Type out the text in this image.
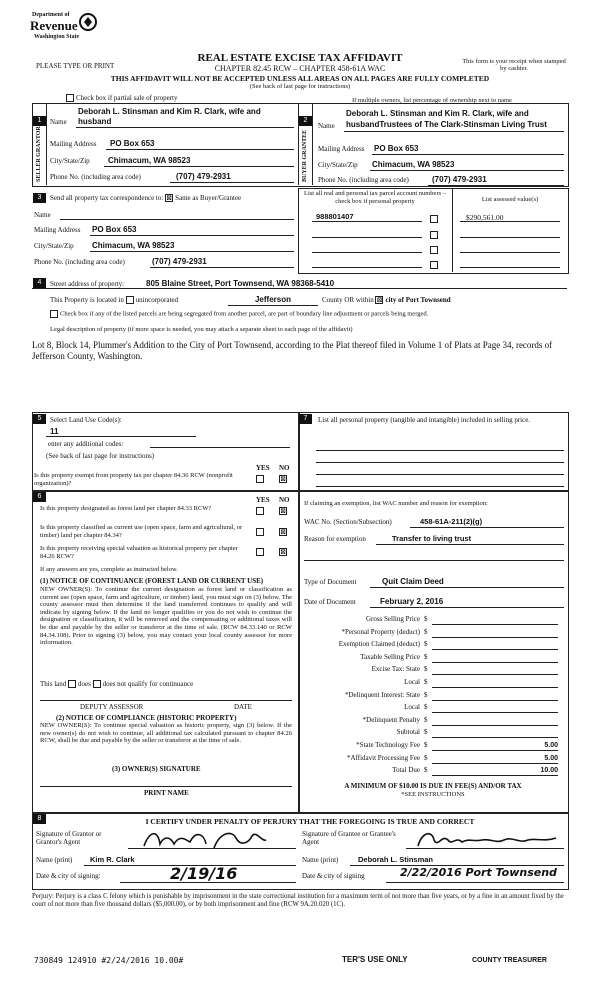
Department of
Revenue
Washington State
REAL ESTATE EXCISE TAX AFFIDAVIT
PLEASE TYPE OR PRINT	CHAPTER 82.45 RCW – CHAPTER 458-61A WAC
This form is your receipt when stamped by cashier.
THIS AFFIDAVIT WILL NOT BE ACCEPTED UNLESS ALL AREAS ON ALL PAGES ARE FULLY COMPLETED
(See back of last page for instructions)
Check box if partial sale of property	If multiple owners, list percentage of ownership next to name
1	2
SELLER GRANTOR	BUYER GRANTEE
Name
Deborah L. Stinsman and Kim R. Clark, wife and husband
Mailing Address PO Box 653
City/State/Zip Chimacum, WA 98523
Phone No. (including area code)	(707) 479-2931
Name
Deborah L. Stinsman and Kim R. Clark, wife and husbandTrustees of The Clark-Stinsman Living Trust
Mailing Address PO Box 653
City/State/Zip Chimacum, WA 98523
Phone No. (including area code)	(707) 479-2931
3	Send all property tax correspondence to: ⊠ Same as Buyer/Grantee
Name
Mailing Address PO Box 653
City/State/Zip Chimacum, WA 98523
Phone No. (including area code)	(707) 479-2931
List all real and personal tax parcel account numbers – check box if personal property	List assessed value(s)
988801407	$290,561.00
4	Street address of property:	805 Blaine Street, Port Townsend, WA 98368-5410
This Property is located in unincorporated	Jefferson	County OR within ⊠ city of Port Townsend
Check box if any of the listed parcels are being segregated from another parcel, are part of boundary line adjustment or parcels being merged.
Legal description of property (if more space is needed, you may attach a separate sheet to each page of the affidavit)
Lot 8, Block 14, Plummer's Addition to the City of Port Townsend, according to the Plat thereof filed in Volume 1 of Plats at Page 34, records of Jefferson County, Washington.
5	Select Land Use Code(s):
11
enter any additional codes:
(See back of last page for instructions)
YES NO
Is this property exempt from property tax per chapter 84.36 RCW (nonprofit organization)?
⊠
7	List all personal property (tangible and intangible) included in selling price.
6	YES NO
Is this property designated as forest land per chapter 84.33 RCW?	⊠
Is this property classified as current use (open space, farm and agricultural, or timber) land per chapter 84.34?	⊠
Is this property receiving special valuation as historical property per chapter 84.26 RCW?
⊠
If any answers are yes, complete as instructed below.
(1) NOTICE OF CONTINUANCE (FOREST LAND OR CURRENT USE)
NEW OWNER(S): To continue the current designation as forest land or classification as current use (open space, farm and agriculture, or timber) land, you must sign on (3) below. The county assessor must then determine if the land transferred continues to qualify and will indicate by signing below. If the land no longer qualifies or you do not wish to continue the designation or classification, it will be removed and the compensating or additional taxes will be due and payable by the seller or transferor at the time of sale. (RCW 84.33.140 or RCW 84.34.108). Prior to signing (3) below, you may contact your local county assessor for more information.
This land does does not qualify for continuance
DEPUTY ASSESSOR	DATE
(2) NOTICE OF COMPLIANCE (HISTORIC PROPERTY)
NEW OWNER(S): To continue special valuation as historic property, sign (3) below. If the new owner(s) do not wish to continue, all additional tax calculated pursuant to chapter 84.26 RCW, shall be due and payable by the seller or transferor at the time of sale.
(3) OWNER(S) SIGNATURE
PRINT NAME
If claiming an exemption, list WAC number and reason for exemption:
WAC No. (Section/Subsection)	458-61A-211(2)(g)
Reason for exemption	Transfer to living trust
Type of Document	Quit Claim Deed
Date of Document	February 2, 2016
Gross Selling Price $
*Personal Property (deduct) $
Exemption Claimed (deduct) $
Taxable Selling Price $
Excise Tax: State $
Local $
*Delinquent Interest: State $
Local $
*Delinquent Penalty $
Subtotal $
*State Technology Fee $	5.00
*Affidavit Processing Fee $	5.00
Total Due $	10.00
A MINIMUM OF $10.00 IS DUE IN FEE(S) AND/OR TAX
*SEE INSTRUCTIONS
8	I CERTIFY UNDER PENALTY OF PERJURY THAT THE FOREGOING IS TRUE AND CORRECT
Signature of Grantor or Grantor's Agent
Name (print) Kim R. Clark
Date & city of signing:	2/19/16
Signature of Grantee or Grantee's Agent
Name (print)	Deborah L. Stinsman
Date & city of signing	2/22/2016 Port Townsend
Perjury: Perjury is a class C felony which is punishable by imprisonment in the state correctional institution for a maximum term of not more than five years, or by a fine in an amount fixed by the court of not more than five thousand dollars ($5,000.00), or by both imprisonment and fine (RCW 9A.20.020 (1C).
730849 124910 #2/24/2016 10.00#	TER'S USE ONLY	COUNTY TREASURER
